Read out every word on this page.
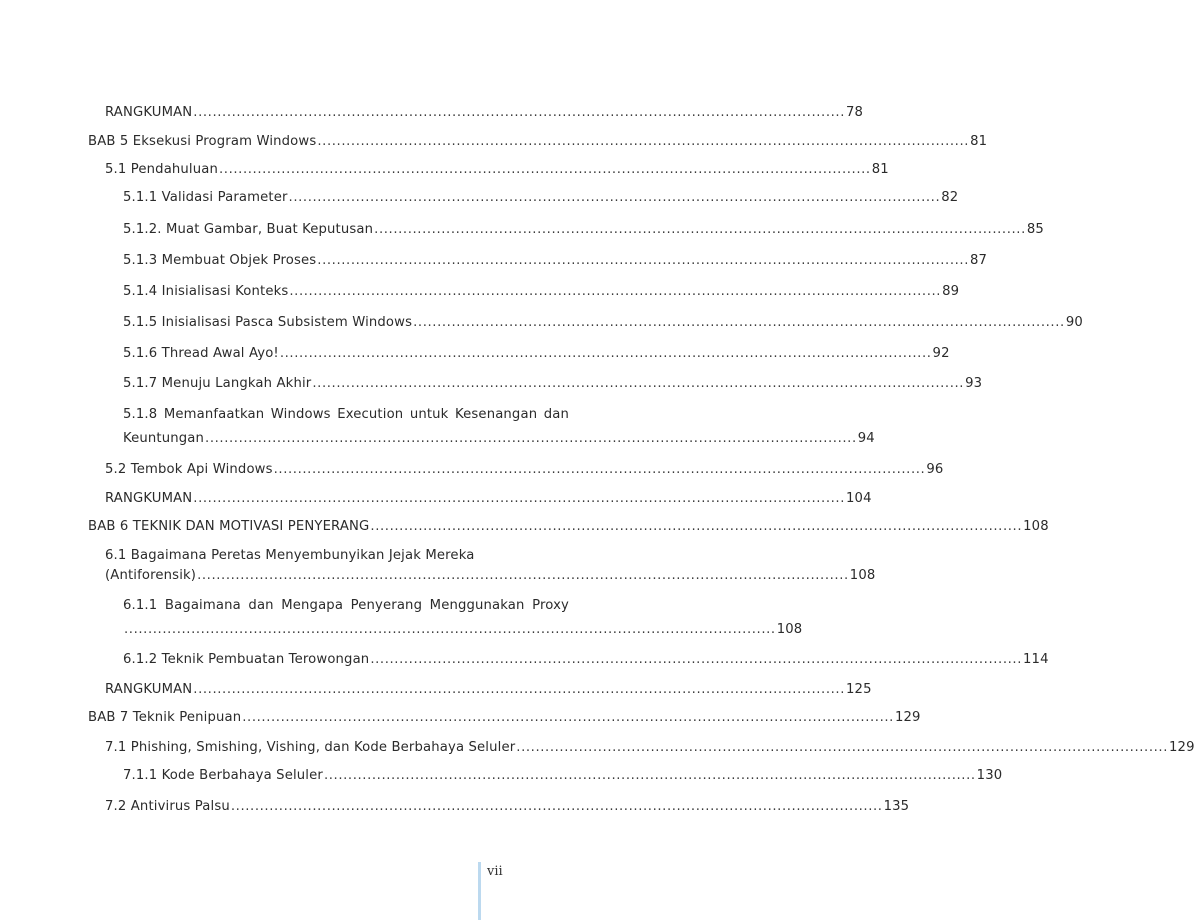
RANGKUMAN ........................................................................................................................................ 78
BAB 5 Eksekusi Program Windows ........................................................................................................................................ 81
5.1 Pendahuluan ........................................................................................................................................ 81
5.1.1 Validasi Parameter ........................................................................................................................................ 82
5.1.2. Muat Gambar, Buat Keputusan ........................................................................................................................................ 85
5.1.3 Membuat Objek Proses ........................................................................................................................................ 87
5.1.4 Inisialisasi Konteks ........................................................................................................................................ 89
5.1.5 Inisialisasi Pasca Subsistem Windows ........................................................................................................................................ 90
5.1.6 Thread Awal Ayo! ........................................................................................................................................ 92
5.1.7 Menuju Langkah Akhir ........................................................................................................................................ 93
5.1.8 Memanfaatkan Windows Execution untuk Kesenangan dan
Keuntungan ........................................................................................................................................ 94
5.2 Tembok Api Windows ........................................................................................................................................ 96
RANGKUMAN ........................................................................................................................................ 104
BAB 6 TEKNIK DAN MOTIVASI PENYERANG ........................................................................................................................................ 108
6.1 Bagaimana Peretas Menyembunyikan Jejak Mereka
(Antiforensik) ........................................................................................................................................ 108
6.1.1 Bagaimana dan Mengapa Penyerang Menggunakan Proxy
........................................................................................................................................ 108
6.1.2 Teknik Pembuatan Terowongan ........................................................................................................................................ 114
RANGKUMAN ........................................................................................................................................ 125
BAB 7 Teknik Penipuan ........................................................................................................................................ 129
7.1 Phishing, Smishing, Vishing, dan Kode Berbahaya Seluler ........................................................................................................................................ 129
7.1.1 Kode Berbahaya Seluler ........................................................................................................................................ 130
7.2 Antivirus Palsu ........................................................................................................................................ 135
vii
